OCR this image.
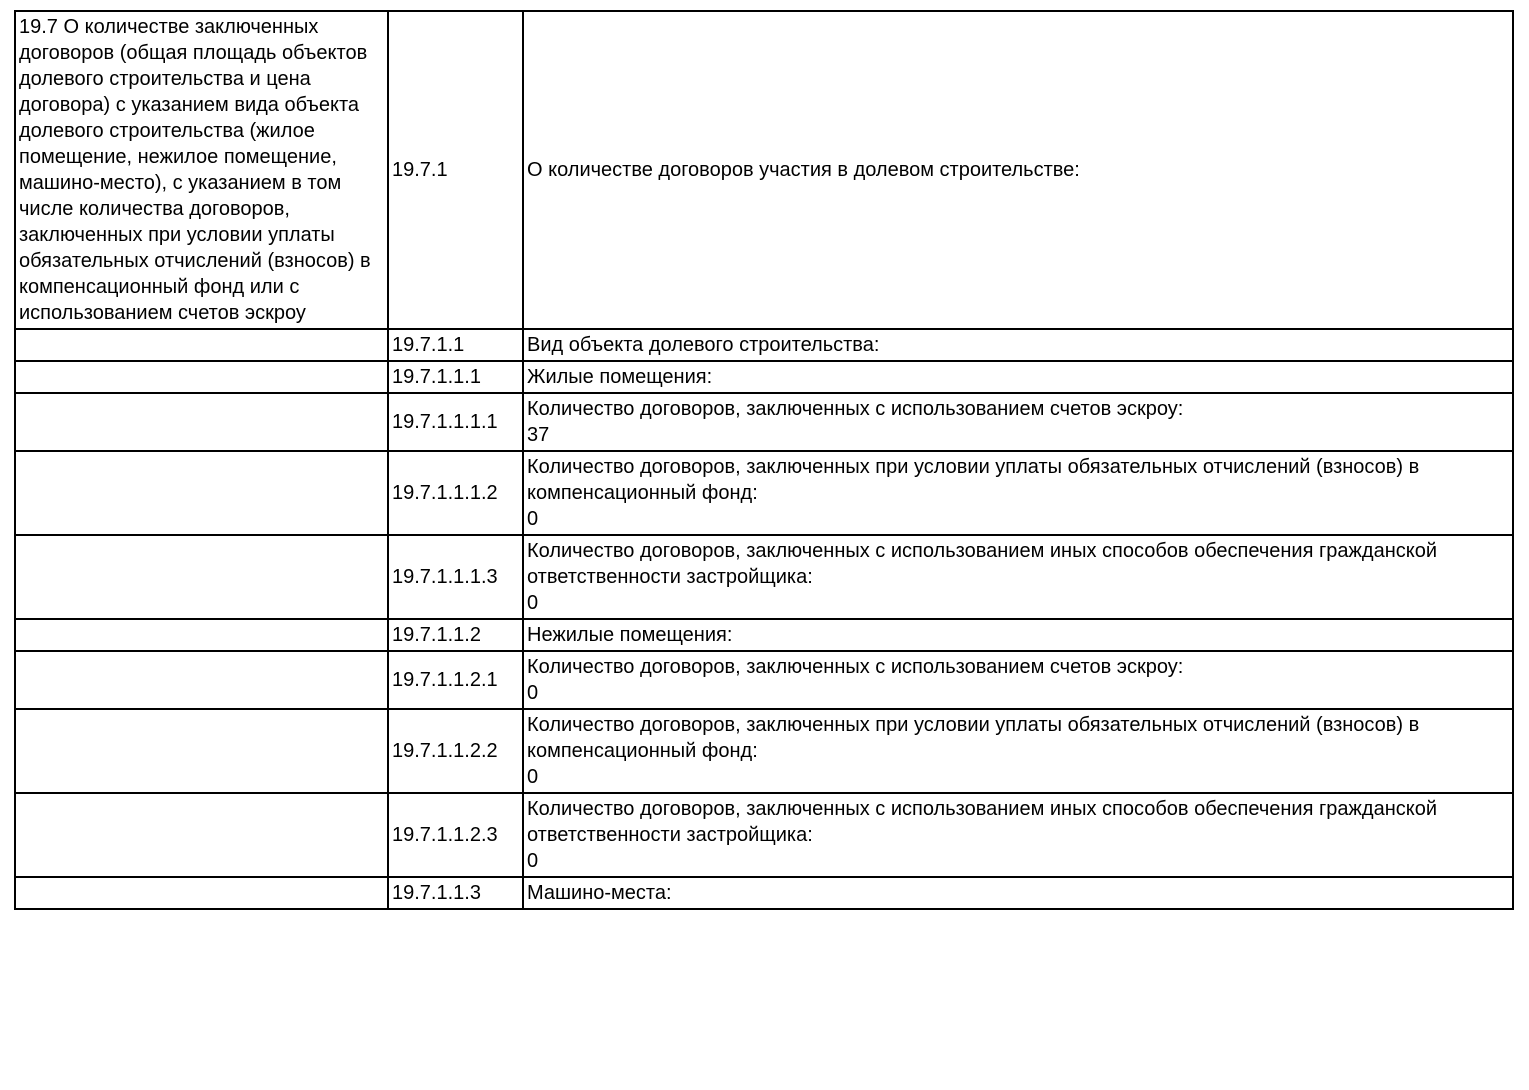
19.7 О количестве заключенных договоров (общая площадь объектов долевого строительства и цена договора) с указанием вида объекта долевого строительства (жилое помещение, нежилое помещение, машино-место), с указанием в том числе количества договоров, заключенных при условии уплаты обязательных отчислений (взносов) в компенсационный фонд или с использованием счетов эскроу	19.7.1	О количестве договоров участия в долевом строительстве:

	19.7.1.1	Вид объекта долевого строительства:

	19.7.1.1.1	Жилые помещения:

	19.7.1.1.1.1	Количество договоров, заключенных с использованием счетов эскроу:
37

	19.7.1.1.1.2	Количество договоров, заключенных при условии уплаты обязательных отчислений (взносов) в компенсационный фонд:
0

	19.7.1.1.1.3	Количество договоров, заключенных с использованием иных способов обеспечения гражданской ответственности застройщика:
0

	19.7.1.1.2	Нежилые помещения:

	19.7.1.1.2.1	Количество договоров, заключенных с использованием счетов эскроу:
0

	19.7.1.1.2.2	Количество договоров, заключенных при условии уплаты обязательных отчислений (взносов) в компенсационный фонд:
0

	19.7.1.1.2.3	Количество договоров, заключенных с использованием иных способов обеспечения гражданской ответственности застройщика:
0

	19.7.1.1.3	Машино-места:
